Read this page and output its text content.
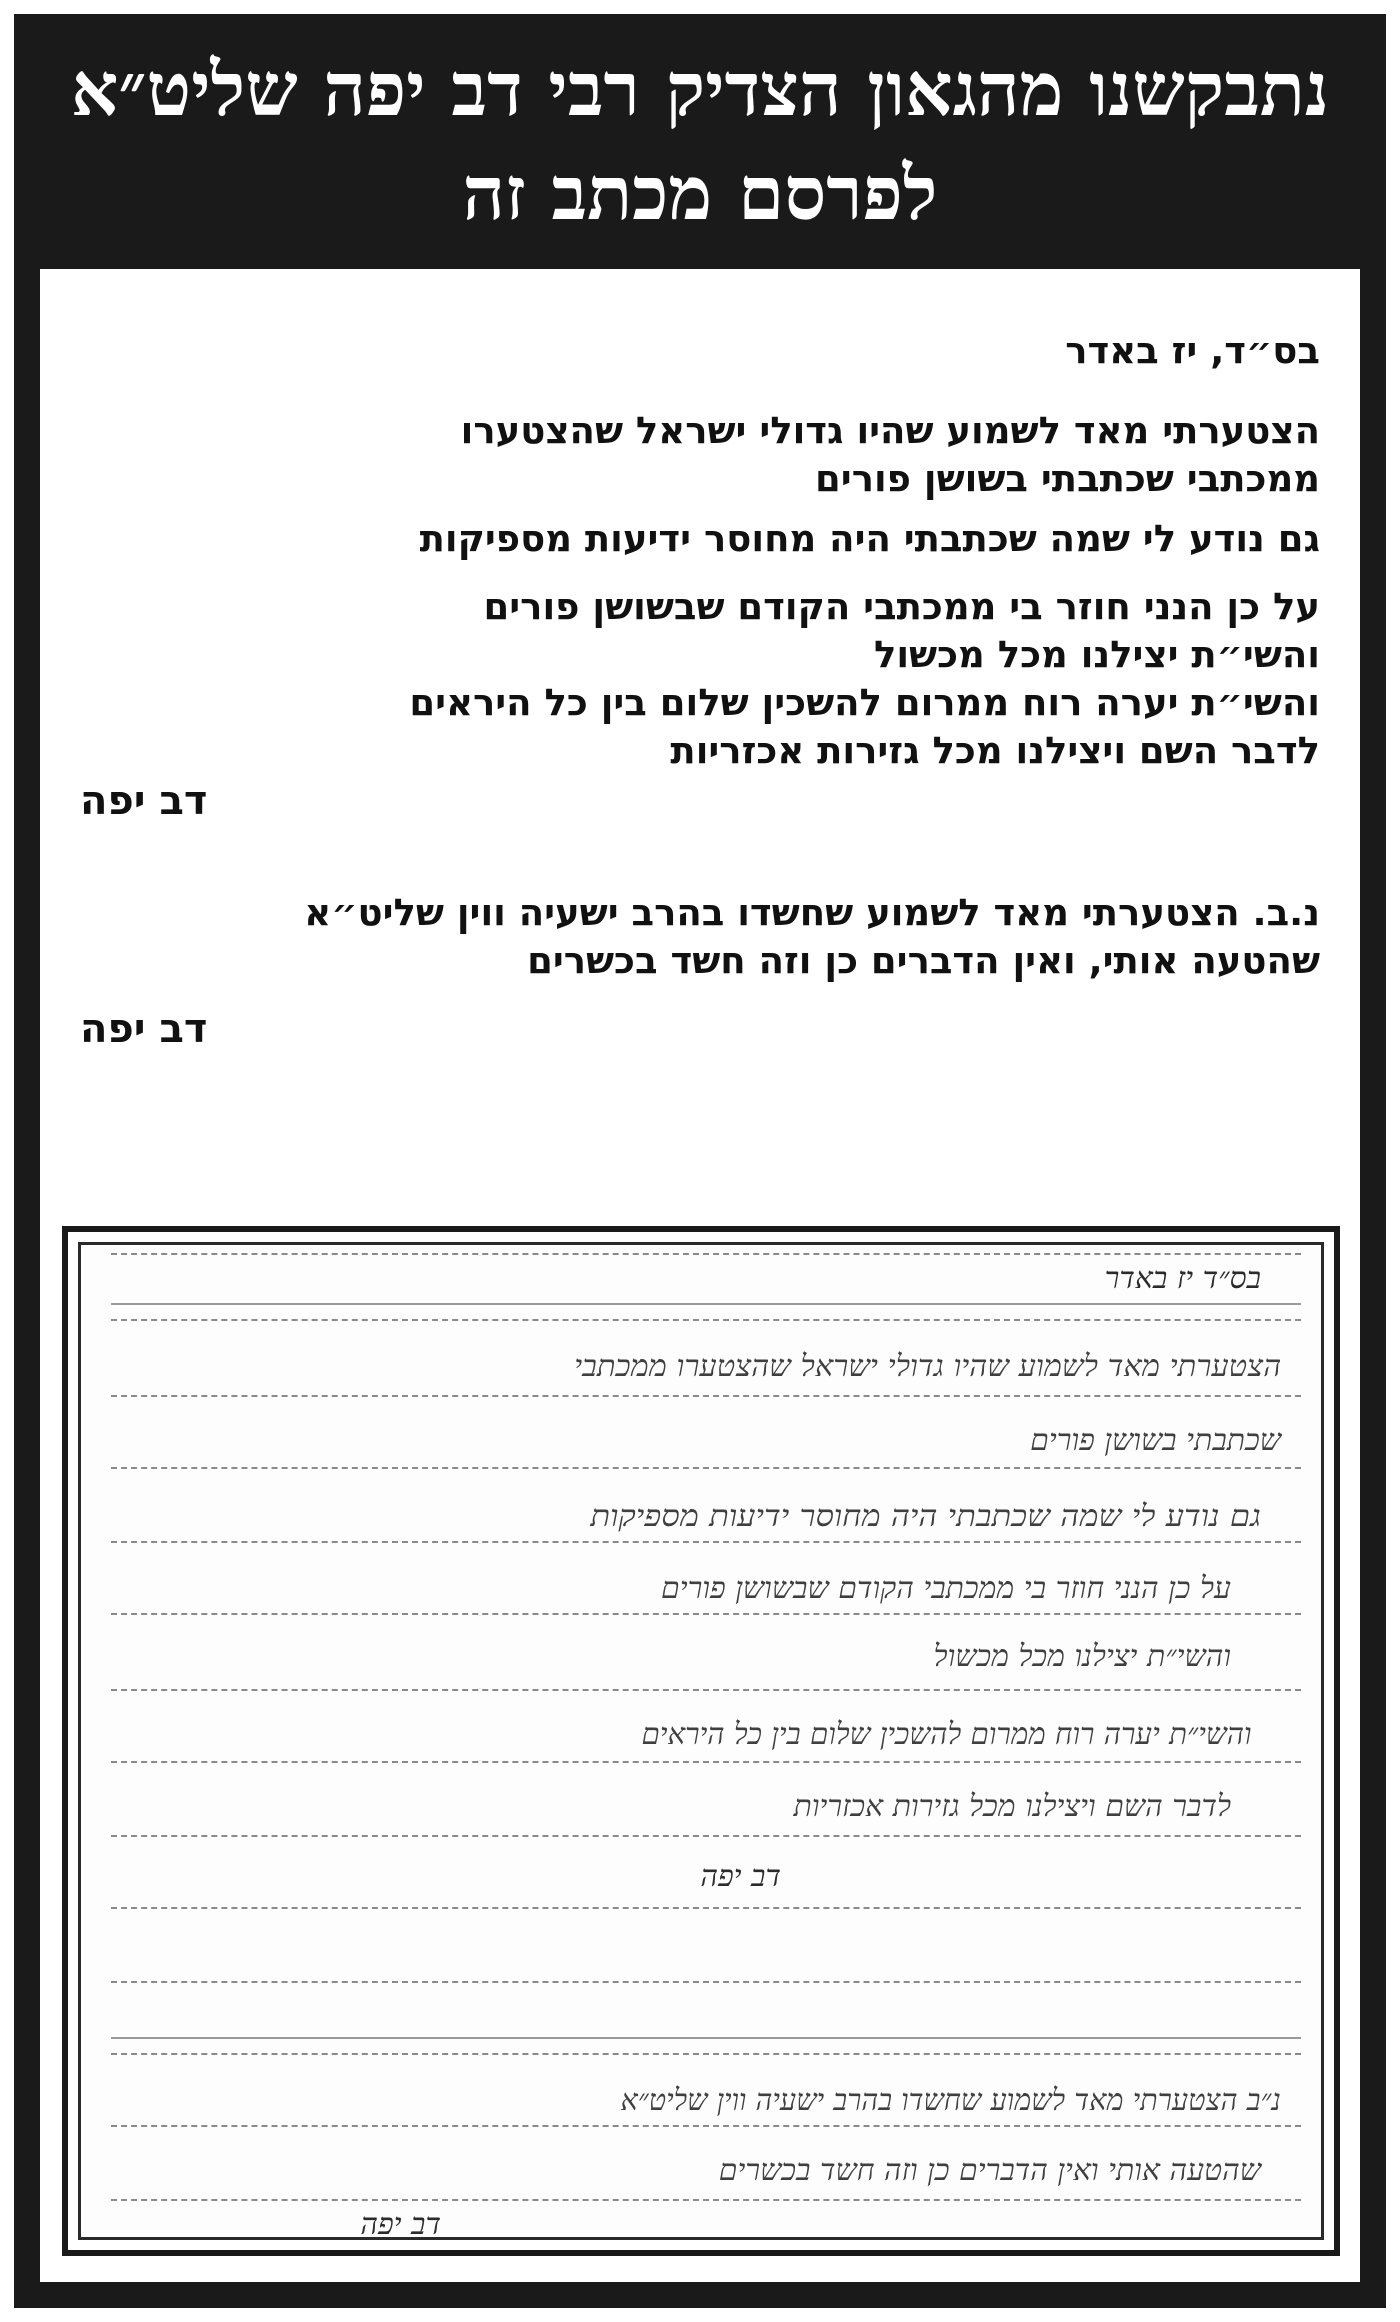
נתבקשנו מהגאון הצדיק רבי דב יפה שליט״א
לפרסם מכתב זה
בס״ד, יז באדר
הצטערתי מאד לשמוע שהיו גדולי ישראל שהצטערו
ממכתבי שכתבתי בשושן פורים
גם נודע לי שמה שכתבתי היה מחוסר ידיעות מספיקות
על כן הנני חוזר בי ממכתבי הקודם שבשושן פורים
והשי״ת יצילנו מכל מכשול
והשי״ת יערה רוח ממרום להשכין שלום בין כל היראים
לדבר השם ויצילנו מכל גזירות אכזריות
דב יפה
נ.ב. הצטערתי מאד לשמוע שחשדו בהרב ישעיה ווין שליט״א
שהטעה אותי, ואין הדברים כן וזה חשד בכשרים
דב יפה
בס״ד יז באדר
הצטערתי מאד לשמוע שהיו גדולי ישראל שהצטערו ממכתבי
שכתבתי בשושן פורים
גם נודע לי שמה שכתבתי היה מחוסר ידיעות מספיקות
על כן הנני חוזר בי ממכתבי הקודם שבשושן פורים
והשי״ת יצילנו מכל מכשול
והשי״ת יערה רוח ממרום להשכין שלום בין כל היראים
לדבר השם ויצילנו מכל גזירות אכזריות
דב יפה
נ״ב הצטערתי מאד לשמוע שחשדו בהרב ישעיה ווין שליט״א
שהטעה אותי ואין הדברים כן וזה חשד בכשרים
דב יפה
